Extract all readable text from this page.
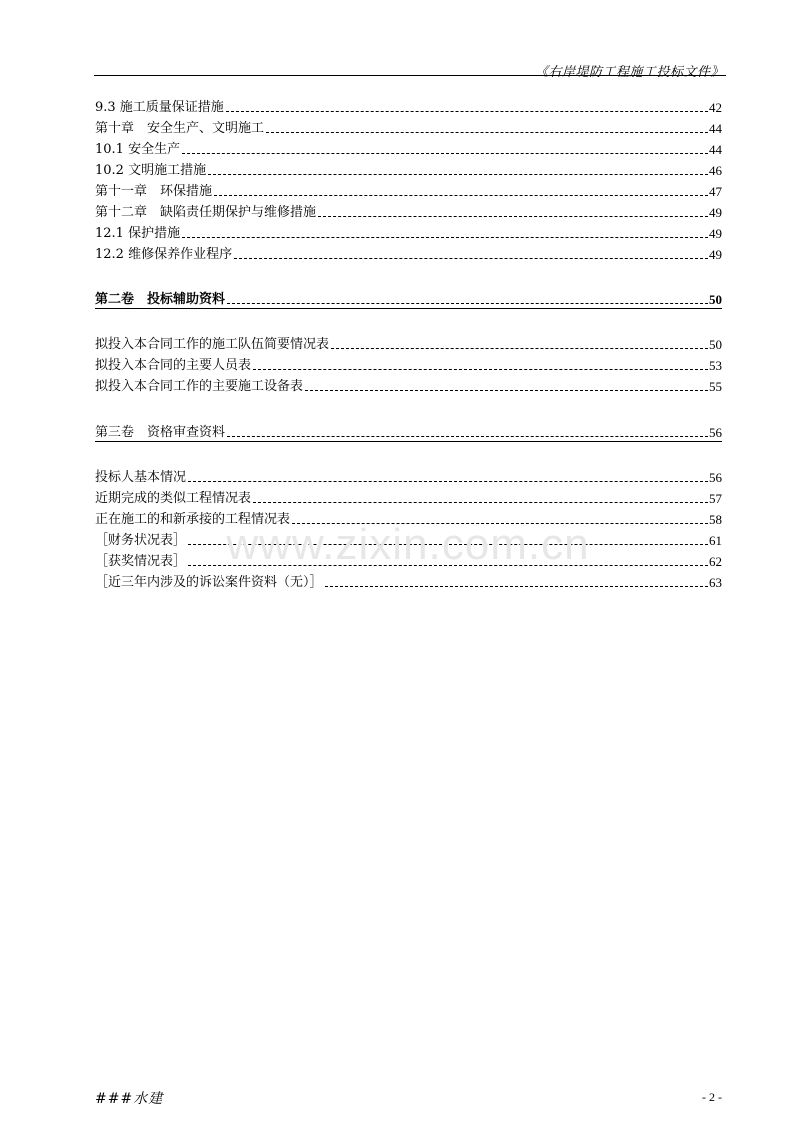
《右岸堤防工程施工投标文件》
9.3 施工质量保证措施	42
第十章　安全生产、文明施工	44
10.1 安全生产	44
10.2 文明施工措施	46
第十一章　环保措施	47
第十二章　缺陷责任期保护与维修措施	49
12.1 保护措施	49
12.2 维修保养作业程序	49
第二卷　投标辅助资料	50
拟投入本合同工作的施工队伍简要情况表	50
拟投入本合同的主要人员表	53
拟投入本合同工作的主要施工设备表	55
第三卷　资格审查资料	56
投标人基本情况	56
近期完成的类似工程情况表	57
正在施工的和新承接的工程情况表	58
［财务状况表］	61
［获奖情况表］	62
［近三年内涉及的诉讼案件资料（无）］	63
www.zixin.com.cn
###水建	- 2 -
